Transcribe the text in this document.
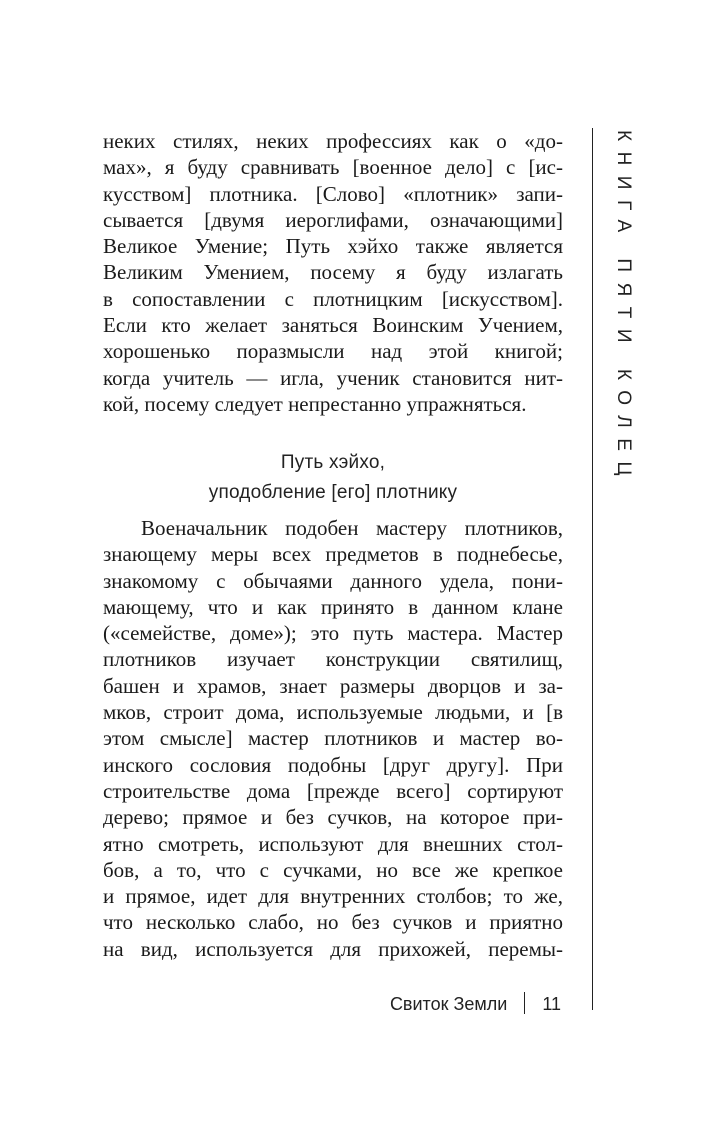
неких стилях, неких профессиях как о «до-
мах», я буду сравнивать [военное дело] с [ис-
кусством] плотника. [Слово] «плотник» запи-
сывается [двумя иероглифами, означающими]
Великое Умение; Путь хэйхо также является
Великим Умением, посему я буду излагать
в сопоставлении с плотницким [искусством].
Если кто желает заняться Воинским Учением,
хорошенько поразмысли над этой книгой;
когда учитель — игла, ученик становится нит-
кой, посему следует непрестанно упражняться.
Путь хэйхо,
уподобление [его] плотнику
Военачальник подобен мастеру плотников,
знающему меры всех предметов в поднебесье,
знакомому с обычаями данного удела, пони-
мающему, что и как принято в данном клане
(«семействе, доме»); это путь мастера. Мастер
плотников изучает конструкции святилищ,
башен и храмов, знает размеры дворцов и за-
мков, строит дома, используемые людьми, и [в
этом смысле] мастер плотников и мастер во-
инского сословия подобны [друг другу]. При
строительстве дома [прежде всего] сортируют
дерево; прямое и без сучков, на которое при-
ятно смотреть, используют для внешних стол-
бов, а то, что с сучками, но все же крепкое
и прямое, идет для внутренних столбов; то же,
что несколько слабо, но без сучков и приятно
на вид, используется для прихожей, перемы-
КНИГА ПЯТИ КОЛЕЦ
Свиток Земли 11
